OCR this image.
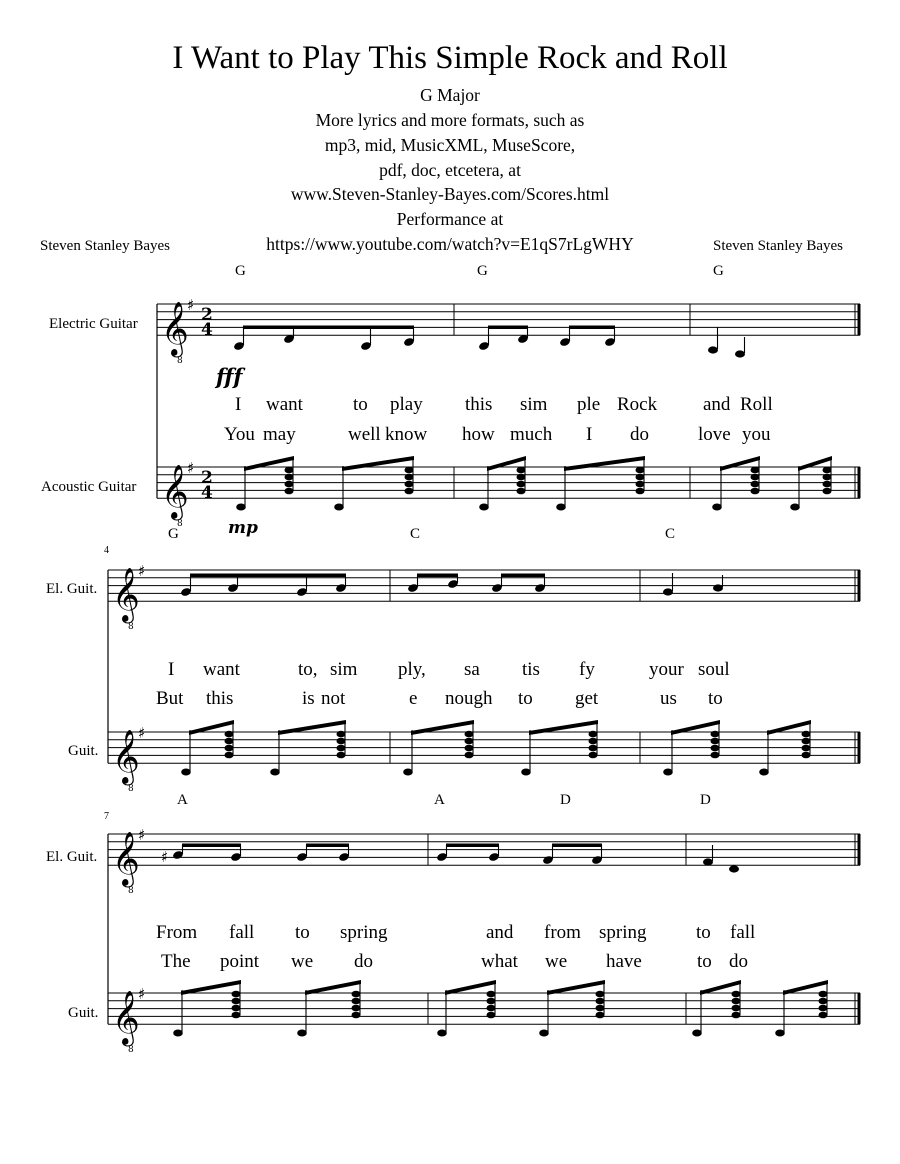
I Want to Play This Simple Rock and Roll
G Major
More lyrics and more formats, such as
mp3, mid, MusicXML, MuseScore,
pdf, doc, etcetera, at
www.Steven-Stanley-Bayes.com/Scores.html
Performance at
https://www.youtube.com/watch?v=E1qS7rLgWHY
Steven Stanley Bayes	Steven Stanley Bayes
Electric Guitar
Acoustic Guitar
El. Guit.
Guit.
El. Guit.
Guit.
4
7
G	G	G
G	C	C
A	A	D	D
I want	to play this sim ple Rock and Roll
You may	well know how much I do	love you
I want	to, sim ply, sa tis fy	your soul
But this	is not	e nough to get	us to
From fall to spring	and from spring	to fall
The point we do	what we have	to do
𝄞
8
♯ 2
4
𝄞
8
♯ 2
4
𝄞
8
♯
𝄞
8
♯
𝄞
8
♯
𝄞
8
♯
fff
mp
♯
